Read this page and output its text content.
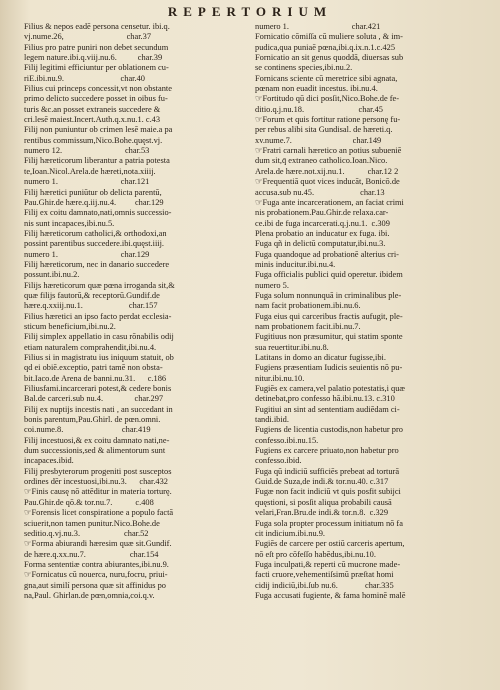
REPERTORIUM
Filius & nepos eadē persona censetur. ibi.q.
vj.nume.26,                              char.37
Filius pro patre puniri non debet secundum
legem nature.ibi.q.viij.nu.6.          char.39
Filij legitimi efficiuntur per oblationem cu-
riE.ibi.nu.9.                           char.40
Filius cui princeps concessit,vt non obstante
primo delicto succedere posset in oibus fu-
turis &c.an posset extraneis succedere &
cri.lesē maiest.Incert.Auth.q.x.nu.1. c.43
Filij non puniuntur ob crimen lesē maie.a pa
rentibus commissum,Nico.Bohe.quęst.vj.
numero 12.                              char.53
Filij hæreticorum liberantur a patria potesta
te,Ioan.Nicol.Arela.de hæreti,nota.xiiij.
numero 1.                              char.121
Filij hæretici puniūtur ob delicta parentū,
Pau.Ghir.de hære.q.iij.nu.4.         char.129
Filij ex coitu damnato,nati,omnis successio-
nis sunt incapaces,ibi.nu.5.
Filij hæreticorum catholici,& orthodoxi,an
possint parentibus succedere.ibi.quęst.iiij.
numero 1.                              char.129
Filij hæreticorum, nec in danario succedere
possunt.ibi.nu.2.
Filijs hæreticorum quæ pœna irroganda sit,&
quæ filijs fautorū,& receptorū.Gundif.de
hære.q.xxiij.nu.1.                      char.157
Filius hæretici an ipso facto perdat ecclesia-
sticum beneficium,ibi.nu.2.
Filij simplex appellatio in casu rōnabilis odij
etiam naturalem comprahendit,ibi.nu.4.
Filius si in magistratu ius iniquum statuit, ob
qd ei obiē.exceptio, patri tamē non obsta-
bit.Iaco.de Arena de banni.nu.31.      c.186
Filiusfami.incarcerari potest,& cedere bonis
Bal.de carceri.sub nu.4.               char.297
Filij ex nuptijs incestis nati , an succedant in
bonis parentum,Pau.Ghirl. de pœn.omni.
coi.nume.8.                            char.419
Filij incestuosi,& ex coitu damnato nati,ne-
dum successionis,sed & alimentorum sunt
incapaces.ibid.
Filij presbyterorum progeniti post susceptos
ordines dēr incestuosi,ibi.nu.3.      char.432
☞Finis causę nō attēditur in materia torturę.
Pau.Ghir.de qō.& tor.nu.7.           c.408
☞Forensis licet conspiratione a populo factā
sciuerit,non tamen punitur.Nico.Bohe.de
seditio.q.vj.nu.3.                     char.52
☞Forma abiurandi hæresim quæ sit.Gundif.
de hære.q.xx.nu.7.                     char.154
Forma sententiæ contra abiurantes,ibi.nu.9.
☞Fornicatus cū nouerca, nuru,focru, priui-
gna,aut similí persona quæ sit affinidus po
na,Paul. Ghirlan.de pœn,omnia,coi.q.v.
numero 1.                              char.421
Fornicatio cōmiſſa cū muliere soluta , & im-
pudica,qua puniaē pœna,ibi.q.ix.n.1.c.425
Fornicatio an sit genus quoddā, diuersas sub
se continens species,ibi.nu.2.
Fornicans sciente cū meretrice sibi agnata,
pœnam non euadit incestus. ibi.nu.4.
☞Fortitudo qū dici posſit,Nico.Bohe.de fe-
ditio.q.j.nu.18.                          char.45
☞Forum et quis fortitur ratione personę fu-
per rebus alibi sita Gundisal. de hæreti.q.
xv.nume.7.                             char.149
☞Fratri carnali hæretico an potius subueniē
dum sit,q̄ extraneo catholico.Ioan.Nico.
Arela.de hære.not.xij.nu.1.           char.12 2
☞Frequentiā quot vices inducāt, Bonicō.de
accusa.sub nu.45.                      char.13
☞Fuga ante incarcerationem, an faciat crimi
nis probationem.Pau.Ghir.de relaxa.car-
ce.ibi de fuga incarcerati.q.j.nu.1.  c.309
Plena probatio an inducatur ex fuga. ibi.
Fuga qñ in delictū computatur,ibi.nu.3.
Fuga quandoque ad probationē alterius cri-
minis inducitur.ibi.nu.4.
Fuga officialis publici quid operetur. ibidem
numero 5.
Fuga solum nonnunquā in criminalibus ple-
nam facit probationem.ibi.nu.6.
Fuga eius qui carceribus fractis aufugit, ple-
nam probationem facit.ibi.nu.7.
Fugitiuus non præsumitur, qui statim sponte
sua reuertitur.ibi.nu.8.
Latitans in domo an dicatur fugisse,ibi.
Fugiens præsentiam Iudicis seuientis nō pu-
nitur.ibi.nu.10.
Fugiēs ex camera,vel palatio potestatis,i quæ
detinebat,pro confesso hā.ibi.nu.13. c.310
Fugitiui an sint ad sententiam audiēdam ci-
tandi.ibid.
Fugiens de licentia custodis,non habetur pro
confesso.ibi.nu.15.
Fugiens ex carcere priuato,non habetur pro
confesso.ibid.
Fuga qū indiciū sufficiēs prebeat ad torturā
Guid.de Suza,de indi.& tor.nu.40. c.317
Fugæ non facit indiciū vt quis posfit subijci
quęstioni, si posſit aliqua probabili causā
velari,Fran.Bru.de indi.& tor.n.8.  c.329
Fuga sola propter processum initiatum nō fa
cit indicium.ibi.nu.9.
Fugiēs de carcere per ostiū carceris apertum,
nō eſt pro cōfeſſo habēdus,ibi.nu.10.
Fuga inculpati,& reperti cū mucrone made-
facti cruore,vehementiſsimū præſtat homi
cidij indiciū,ibi.ſub nu.6.             char.335
Fuga accusati fugiente, & fama hominē malē
